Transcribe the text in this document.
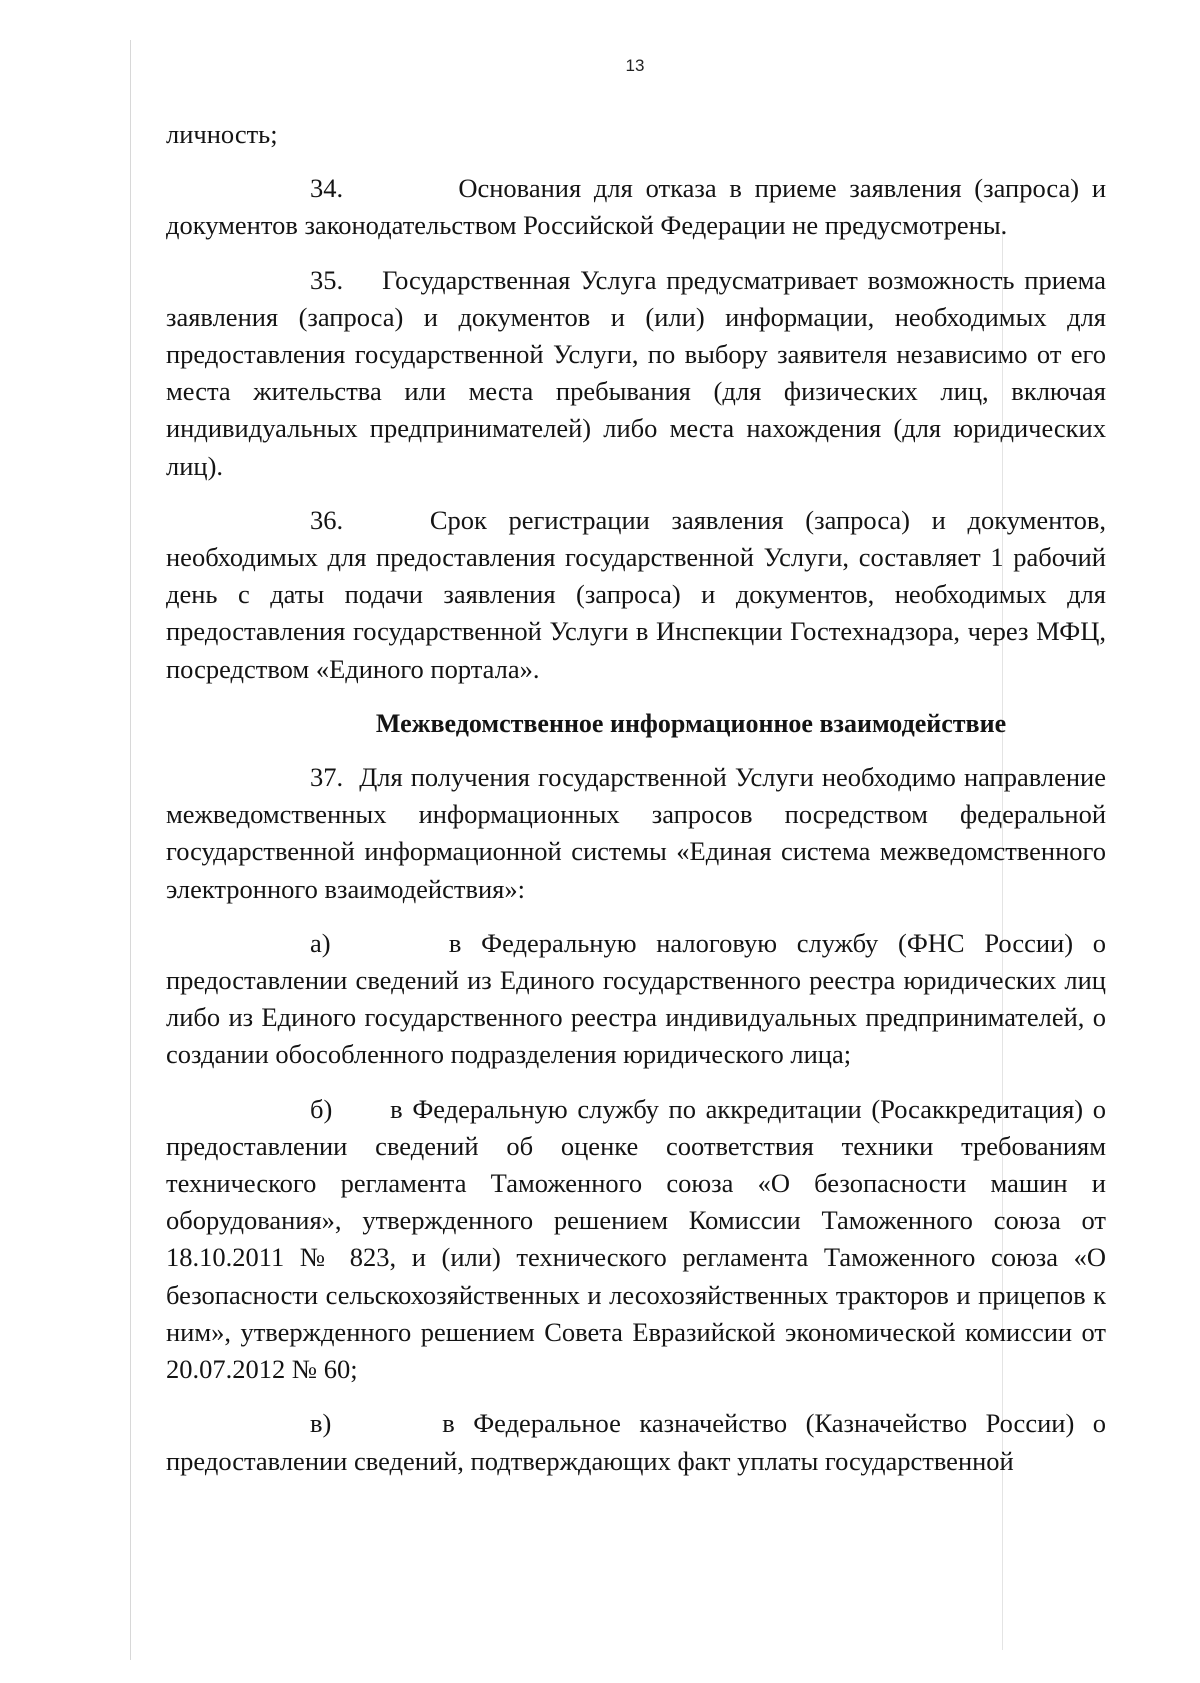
13

личность;

34.	Основания для отказа в приеме заявления (запроса) и документов законодательством Российской Федерации не предусмотрены.

35. Государственная Услуга предусматривает возможность приема заявления (запроса) и документов и (или) информации, необходимых для предоставления государственной Услуги, по выбору заявителя независимо от его места жительства или места пребывания (для физических лиц, включая индивидуальных предпринимателей) либо места нахождения (для юридических лиц).

36.	Срок регистрации заявления (запроса) и документов, необходимых для предоставления государственной Услуги, составляет 1 рабочий день с даты подачи заявления (запроса) и документов, необходимых для предоставления государственной Услуги в Инспекции Гостехнадзора, через МФЦ, посредством «Единого портала».

Межведомственное информационное взаимодействие

37. Для получения государственной Услуги необходимо направление межведомственных информационных запросов посредством федеральной государственной информационной системы «Единая система межведомственного электронного взаимодействия»:

а)	в Федеральную налоговую службу (ФНС России) о предоставлении сведений из Единого государственного реестра юридических лиц либо из Единого государственного реестра индивидуальных предпринимателей, о создании обособленного подразделения юридического лица;

б) в Федеральную службу по аккредитации (Росаккредитация) о предоставлении сведений об оценке соответствия техники требованиям технического регламента Таможенного союза «О безопасности машин и оборудования», утвержденного решением Комиссии Таможенного союза от 18.10.2011 № 823, и (или) технического регламента Таможенного союза «О безопасности сельскохозяйственных и лесохозяйственных тракторов и прицепов к ним», утвержденного решением Совета Евразийской экономической комиссии от 20.07.2012 № 60;

в)	в Федеральное казначейство (Казначейство России) о предоставлении сведений, подтверждающих факт уплаты государственной
